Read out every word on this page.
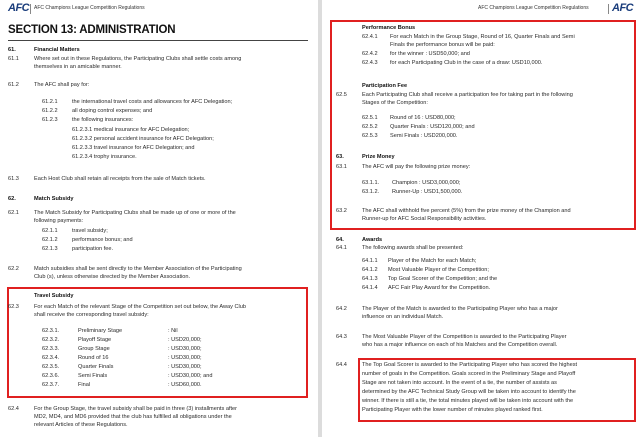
AFC AFC Champions League Competition Regulations
SECTION 13: ADMINISTRATION
61.	Financial Matters
61.1	Where set out in these Regulations, the Participating Clubs shall settle costs among
themselves in an amicable manner.
61.2	The AFC shall pay for:
61.2.1	the international travel costs and allowances for AFC Delegation;
61.2.2	all doping control expenses; and
61.2.3	the following insurances:
61.2.3.1 medical insurance for AFC Delegation;
61.2.3.2 personal accident insurance for AFC Delegation;
61.2.3.3 travel insurance for AFC Delegation; and
61.2.3.4 trophy insurance.
61.3	Each Host Club shall retain all receipts from the sale of Match tickets.
62.	Match Subsidy
62.1	The Match Subsidy for Participating Clubs shall be made up of one or more of the
following payments:
62.1.1	travel subsidy;
62.1.2	performance bonus; and
62.1.3	participation fee.
62.2	Match subsidies shall be sent directly to the Member Association of the Participating
Club (s), unless otherwise directed by the Member Association.
Travel Subsidy
62.3	For each Match of the relevant Stage of the Competition set out below, the Away Club
shall receive the corresponding travel subsidy:
62.3.1.	Preliminary Stage	: Nil
62.3.2.	Playoff Stage	: USD20,000;
62.3.3.	Group Stage	: USD30,000;
62.3.4.	Round of 16	: USD30,000;
62.3.5.	Quarter Finals	: USD30,000;
62.3.6.	Semi Finals	: USD30,000; and
62.3.7.	Final	: USD60,000.
62.4	For the Group Stage, the travel subsidy shall be paid in three (3) installments after
MD2, MD4, and MD6 provided that the club has fulfilled all obligations under the
relevant Articles of these Regulations.
AFC Champions League Competition Regulations AFC
Performance Bonus
62.4.1 For each Match in the Group Stage, Round of 16, Quarter Finals and Semi
Finals the performance bonus will be paid:
62.4.2 for the winner : USD50,000; and
62.4.3 for each Participating Club in the case of a draw: USD10,000.
Participation Fee
62.5	Each Participating Club shall receive a participation fee for taking part in the following
Stages of the Competition:
62.5.1 Round of 16 : USD80,000;
62.5.2 Quarter Finals : USD120,000; and
62.5.3 Semi Finals : USD200,000.
63.	Prize Money
63.1	The AFC will pay the following prize money:
63.1.1. Champion : USD3,000,000;
63.1.2. Runner-Up : USD1,500,000.
63.2	The AFC shall withhold five percent (5%) from the prize money of the Champion and
Runner-up for AFC Social Responsibility activities.
64.	Awards
64.1	The following awards shall be presented:
64.1.1 Player of the Match for each Match;
64.1.2 Most Valuable Player of the Competition;
64.1.3 Top Goal Scorer of the Competition; and the
64.1.4 AFC Fair Play Award for the Competition.
64.2	The Player of the Match is awarded to the Participating Player who has a major
influence on an individual Match.
64.3	The Most Valuable Player of the Competition is awarded to the Participating Player
who has a major influence on each of his Matches and the Competition overall.
64.4	The Top Goal Scorer is awarded to the Participating Player who has scored the highest
number of goals in the Competition. Goals scored in the Preliminary Stage and Playoff
Stage are not taken into account. In the event of a tie, the number of assists as
determined by the AFC Technical Study Group will be taken into account to identify the
winner. If there is still a tie, the total minutes played will be taken into account with the
Participating Player with the lower number of minutes played ranked first.
